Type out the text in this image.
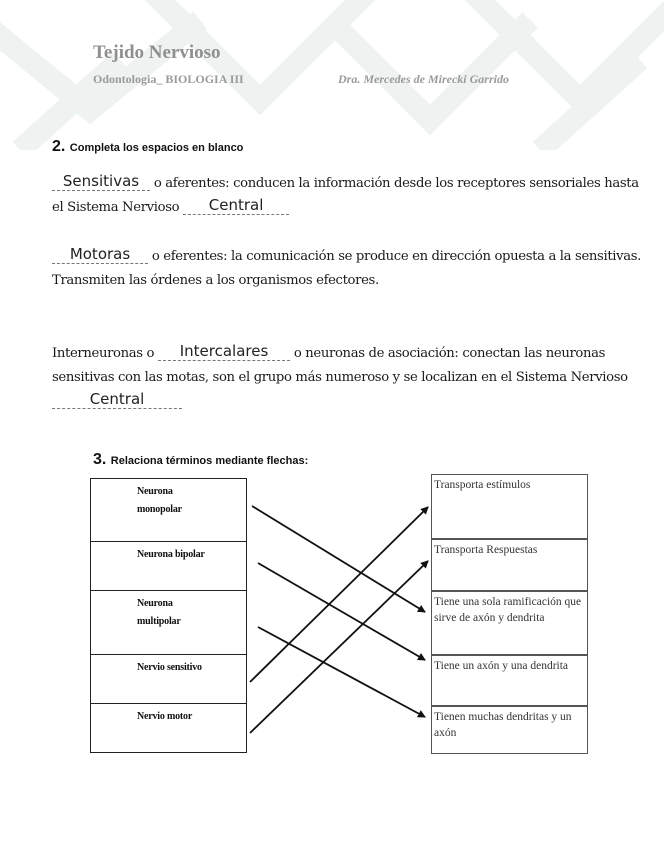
Tejido Nervioso
Odontologia_ BIOLOGIA III	Dra. Mercedes de Mirecki Garrido
2. Completa los espacios en blanco
Sensitivas o aferentes: conducen la información desde los receptores sensoriales hasta el Sistema Nervioso Central
Motoras o eferentes: la comunicación se produce en dirección opuesta a la sensitivas. Transmiten las órdenes a los organismos efectores.
Interneuronas o Intercalares o neuronas de asociación: conectan las neuronas sensitivas con las motas, son el grupo más numeroso y se localizan en el Sistema Nervioso Central
3. Relaciona términos mediante flechas:
Neurona monopolar
Neurona bipolar
Neurona multipolar
Nervio sensitivo
Nervio motor
Transporta estímulos
Transporta Respuestas
Tiene una sola ramificación que sirve de axón y dendrita
Tiene un axón y una dendrita
Tienen muchas dendritas y un axón
